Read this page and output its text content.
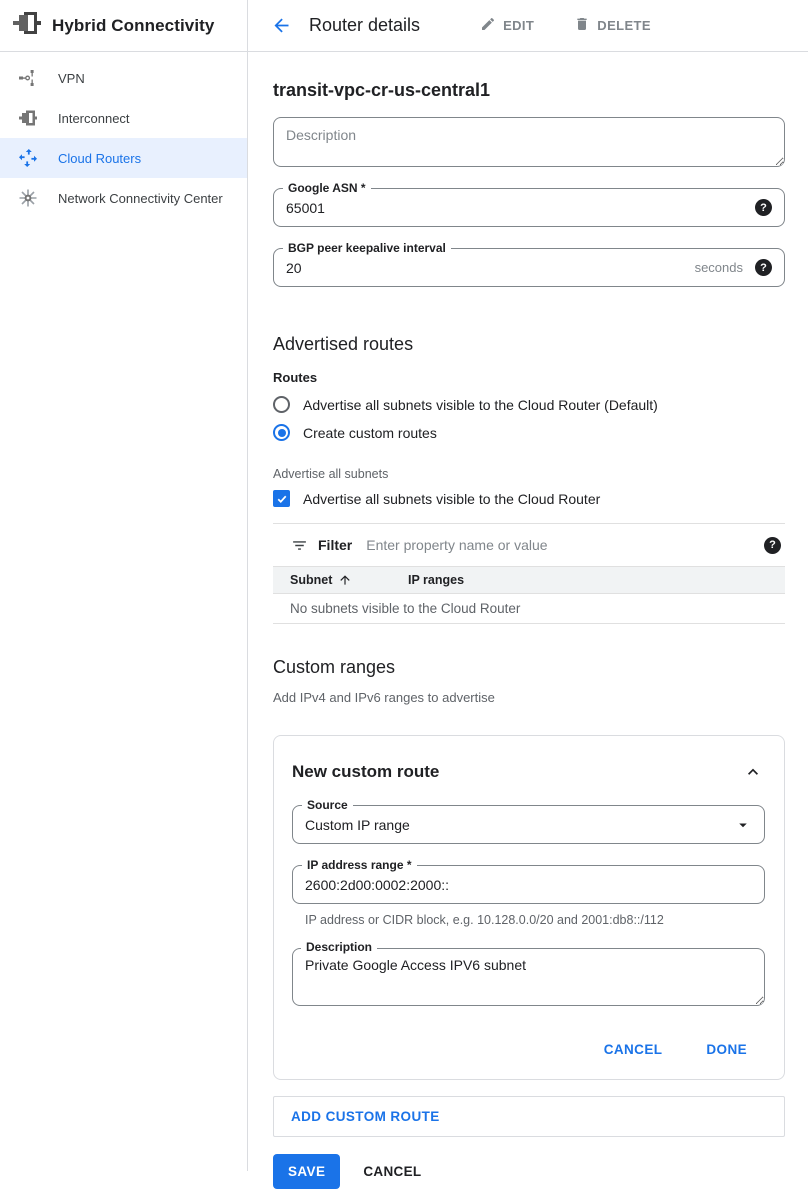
Hybrid Connectivity
VPN
Interconnect
Cloud Routers
Network Connectivity Center
Router details	EDIT	DELETE
transit-vpc-cr-us-central1
Description
Google ASN *
65001
?
BGP peer keepalive interval
20
seconds	?
Advertised routes
Routes
Advertise all subnets visible to the Cloud Router (Default)
Create custom routes
Advertise all subnets
Advertise all subnets visible to the Cloud Router
Filter
Enter property name or value	?
Subnet	IP ranges
No subnets visible to the Cloud Router
Custom ranges
Add IPv4 and IPv6 ranges to advertise
New custom route
Source
Custom IP range
IP address range *
2600:2d00:0002:2000::
IP address or CIDR block, e.g. 10.128.0.0/20 and 2001:db8::/112
Description
Private Google Access IPV6 subnet
CANCEL	DONE
ADD CUSTOM ROUTE
SAVE	CANCEL
